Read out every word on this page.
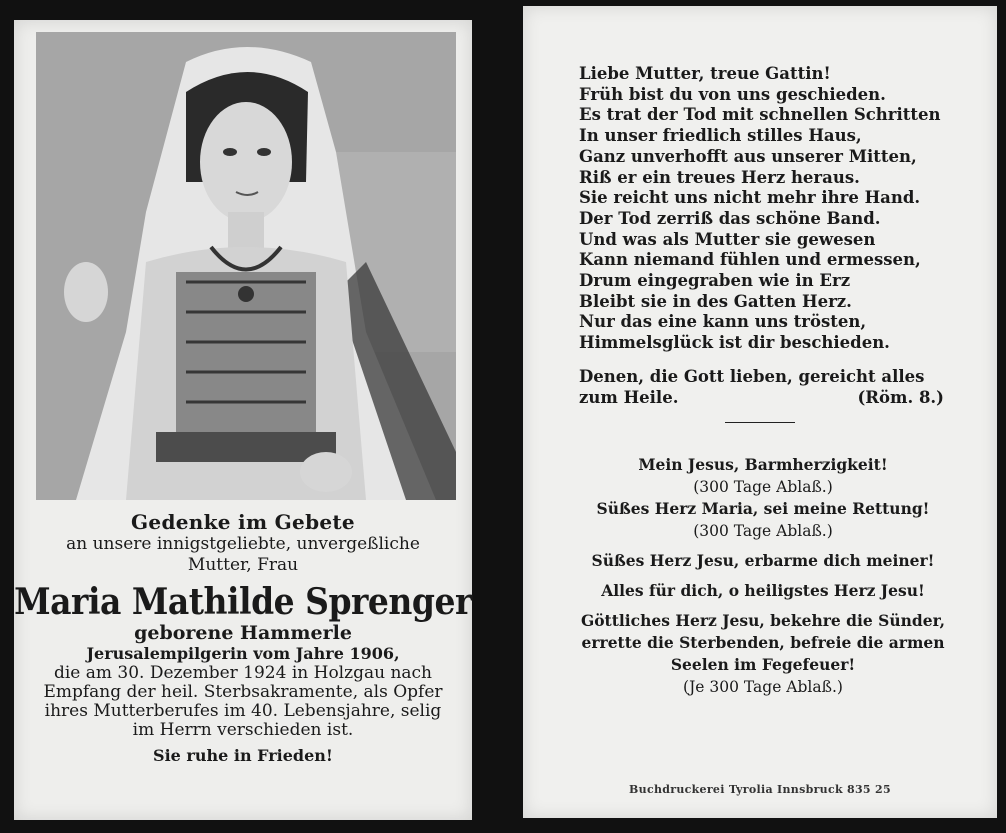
Gedenke im Gebete
an unsere innigstgeliebte, unvergeßliche
Mutter, Frau
Maria Mathilde Sprenger
geborene Hammerle
Jerusalempilgerin vom Jahre 1906,
die am 30. Dezember 1924 in Holzgau nach
Empfang der heil. Sterbsakramente, als Opfer
ihres Mutterberufes im 40. Lebensjahre, selig
im Herrn verschieden ist.
Sie ruhe in Frieden!
Liebe Mutter, treue Gattin!
Früh bist du von uns geschieden.
Es trat der Tod mit schnellen Schritten
In unser friedlich stilles Haus,
Ganz unverhofft aus unserer Mitten,
Riß er ein treues Herz heraus.
Sie reicht uns nicht mehr ihre Hand.
Der Tod zerriß das schöne Band.
Und was als Mutter sie gewesen
Kann niemand fühlen und ermessen,
Drum eingegraben wie in Erz
Bleibt sie in des Gatten Herz.
Nur das eine kann uns trösten,
Himmelsglück ist dir beschieden.
Denen, die Gott lieben, gereicht alles
zum Heile.	(Röm. 8.)
Mein Jesus, Barmherzigkeit!
(300 Tage Ablaß.)
Süßes Herz Maria, sei meine Rettung!
(300 Tage Ablaß.)
Süßes Herz Jesu, erbarme dich meiner!
Alles für dich, o heiligstes Herz Jesu!
Göttliches Herz Jesu, bekehre die Sünder,
errette die Sterbenden, befreie die armen
Seelen im Fegefeuer!
(Je 300 Tage Ablaß.)
Buchdruckerei Tyrolia Innsbruck 835 25
